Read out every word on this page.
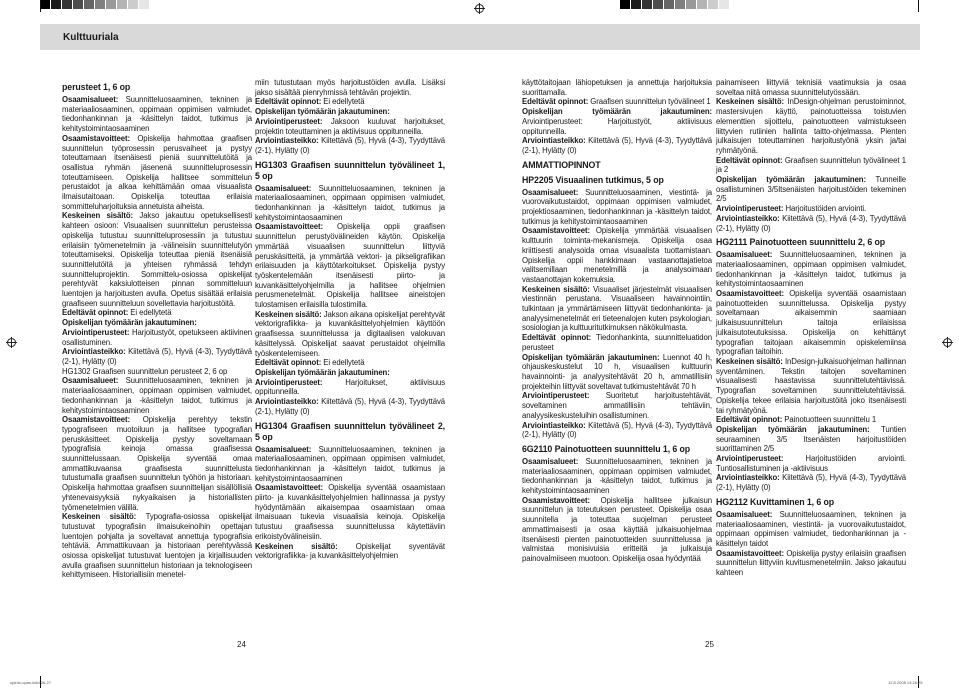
Kulttuuriala

perusteet 1, 6 op

Osaamisalueet: Suunnitteluosaaminen, tekninen ja materiaaliosaaminen, oppimaan oppimisen valmiudet, tiedonhankinnan ja -käsittelyn taidot, tutkimus ja kehitystoimintaosaaminen

Osaamistavoitteet: Opiskelija hahmottaa graafisen suunnittelun työprosessin perusvaiheet ja pystyy toteuttamaan itsenäisesti pieniä suunnittelutöitä ja osallistua ryhmän jäsenenä suunnitteluprosessin toteuttamiseen. Opiskelija hallitsee sommittelun perustaidot ja alkaa kehittämään omaa visuaalista ilmaisutaitoaan. Opiskelija toteuttaa erilaisia sommitteluharjoituksia annetuista aiheista.

Keskeinen sisältö: Jakso jakautuu opetuksellisesti kahteen osioon: Visuaalisen suunnittelun perusteissa opiskelija tutustuu suunnitteluprosessiin ja tutustuu erilaisiin työmenetelmiin ja -välineisiin suunnittelutyön toteuttamiseksi. Opiskelija toteuttaa pieniä itsenäisiä suunnittelutöitä ja yhteisen ryhmässä tehdyn suunnitteluprojektin. Sommittelu-osiossa opiskelijat perehtyvät kaksiulotteisen pinnan sommitteluun luentojen ja harjoitusten avulla. Opetus sisältää erilaisia graafiseen suunnitteluun sovellettavia harjoitustöitä.

Edeltävät opinnot: Ei edellytetä

Opiskelijan työmäärän jakautuminen:

Arviointiperusteet: Harjoitustyöt, opetukseen aktiivinen osallistuminen.

Arviointiasteikko: Kiitettävä (5), Hyvä (4-3), Tyydyttävä (2-1), Hylätty (0)

HG1302 Graafisen suunnittelun perusteet 2, 6 op

Osaamisalueet: Suunnitteluosaaminen, tekninen ja materiaaliosaaminen, oppimaan oppimisen valmiudet, tiedonhankinnan ja -käsittelyn taidot, tutkimus ja kehitystoimintaosaaminen

Osaamistavoitteet: Opiskelija perehtyy tekstin typografiseen muotoiluun ja hallitsee typografian peruskäsitteet. Opiskelija pystyy soveltamaan typografisia keinoja omassa graafisessa suunnittelussaan. Opiskelija syventää omaa ammattikuvaansa graafisesta suunnittelusta tutustumalla graafisen suunnittelun työhön ja historiaan. Opiskelija hahmottaa graafisen suunnittelijan sisällöllisiä yhtenevaisyyksiä nykyaikaisen ja historiallisten työmenetelmien välillä.

Keskeinen sisältö: Typografia-osiossa opiskelijat tutustuvat typografisiin ilmaisukeinoihin opettajan luentojen pohjalta ja soveltavat annettuja typografisia tehtäviä. Ammattikuvaan ja historiaan perehtyvässä osiossa opiskelijat tutustuvat luentojen ja kirjallisuuden avulla graafisen suunnittelun historiaan ja teknologiseen kehittymiseen. Historiallisiin menetel-

miin tutustutaan myös harjoitustöiden avulla. Lisäksi jakso sisältää pienryhmissä tehtävän projektin.

Edeltävät opinnot: Ei edellytetä

Opiskelijan työmäärän jakautuminen:

Arviointiperusteet: Jaksoon kuuluvat harjoitukset, projektin toteuttaminen ja aktiivisuus oppitunneilla.

Arviointiasteikko: Kiitettävä (5), Hyvä (4-3), Tyydyttävä (2-1), Hylätty (0)

HG1303 Graafisen suunnittelun työvälineet 1, 5 op

Osaamisalueet: Suunnitteluosaaminen, tekninen ja materiaaliosaaminen, oppimaan oppimisen valmiudet, tiedonhankinnan ja -käsittelyn taidot, tutkimus ja kehitystoimintaosaaminen

Osaamistavoitteet: Opiskelija oppii graafisen suunnittelun perustyövälineiden käytön. Opiskelija ymmärtää visuaalisen suunnittelun liittyviä peruskäsitteitä, ja ymmärtää vektori- ja pikseligrafiikan erilaisuuden ja käyttötarkoitukset. Opiskelija pystyy työskentelemään itsenäisesti piirto- ja kuvankäsittelyohjelmilla ja hallitsee ohjelmien perusmenetelmät. Opiskelija hallitsee aineistojen tulostamisen erilaisilla tulostimilla.

Keskeinen sisältö: Jakson aikana opiskelijat perehtyvät vektorigrafiikka- ja kuvankäsittelyohjelmien käyttöön graafisessa suunnittelussa ja digitaalisen valokuvan käsittelyssä. Opiskelijat saavat perustaidot ohjelmilla työskentelemiseen.

Edeltävät opinnot: Ei edellytetä

Opiskelijan työmäärän jakautuminen:

Arviointiperusteet: Harjoitukset, aktiivisuus oppitunneilla.

Arviointiasteikko: Kiitettävä (5), Hyvä (4-3), Tyydyttävä (2-1), Hylätty (0)

HG1304 Graafisen suunnittelun työvälineet 2, 5 op

Osaamisalueet: Suunnitteluosaaminen, tekninen ja materiaaliosaaminen, oppimaan oppimisen valmiudet, tiedonhankinnan ja -käsittelyn taidot, tutkimus ja kehitystoimintaosaaminen

Osaamistavoitteet: Opiskelija syventää osaamistaan piirto- ja kuvankäsittelyohjelmien hallinnassa ja pystyy hyödyntämään aikaisempaa osaamistaan omaa ilmaisuaan tukevia visuaalisia keinoja. Opiskelija tutustuu graafisessa suunnittelussa käytettäviin erikoistyövälineisiin.

Keskeinen sisältö: Opiskelijat syventävät vektorigrafiikka- ja kuvankäsittelyohjelmien

käyttötaitojaan lähiopetuksen ja annettuja harjoituksia suorittamalla.

Edeltävät opinnot: Graafisen suunnittelun työvälineet 1

Opiskelijan työmäärän jakautuminen: Arviointiperusteet: Harjoitustyöt, aktiivisuus oppitunneilla.

Arviointiasteikko: Kiitettävä (5), Hyvä (4-3), Tyydyttävä (2-1), Hylätty (0)

AMMATTIOPINNOT

HP2205 Visuaalinen tutkimus, 5 op

Osaamisalueet: Suunnitteluosaaminen, viestintä- ja vuorovaikutustaidot, oppimaan oppimisen valmiudet, projektiosaaminen, tiedonhankinnan ja -käsittelyn taidot, tutkimus ja kehitystoimintaosaaminen

Osaamistavoitteet: Opiskelija ymmärtää visuaalisen kulttuurin toiminta-mekanismeja. Opiskelija osaa kriittisesti analysoida omaa visuaalista tuottamistaan. Opiskelija oppii hankkimaan vastaanottajatietoa valitsemillaan menetelmillä ja analysoimaan vastaanottajan kokemuksia.

Keskeinen sisältö: Visuaaliset järjestelmät visuaalisen viestinnän perustana. Visuaaliseen havainnointiin, tulkintaan ja ymmärtämiseen liittyvät tiedonhankinta- ja analyysimenetelmät eri tieteenalojen kuten psykologian, sosiologian ja kulttuuritutkimuksen näkökulmasta.

Edeltävät opinnot: Tiedonhankinta, suunnitteluatidon perusteet

Opiskelijan työmäärän jakautuminen: Luennot 40 h, ohjauskeskustelut 10 h, visuaalisen kulttuurin havainnointi- ja analyysitehtävät 20 h, ammatillisiin projekteihin liittyvät soveltavat tutkimustehtävät 70 h

Arviointiperusteet: Suoritetut harjoitustehtävät, soveltaminen ammatillisiin tehtäviin, analyysikeskusteluihin osallistuminen.

Arviointiasteikko: Kiitettävä (5), Hyvä (4-3), Tyydyttävä (2-1), Hylätty (0)

6G2110 Painotuotteen suunnittelu 1, 6 op

Osaamisalueet: Suunnitteluosaaminen, tekninen ja materiaaliosaaminen, oppimaan oppimisen valmiudet, tiedonhankinnan ja -käsittelyn taidot, tutkimus ja kehitystoimintaosaaminen

Osaamistavoitteet: Opiskelija hallitsee julkaisun suunnittelun ja toteutuksen perusteet. Opiskelija osaa suunnitella ja toteuttaa suojelman perusteet ammattimaisesti ja osaa käyttää julkaisuohjelmaa itsenäisesti pienten painotuotteiden suunnittelussa ja valmistaa monisivuisia eritteitä ja julkaisuja painovalmiiseen muotoon. Opiskelija osaa hyödyntää

painamiseen liittyviä teknisiä vaatimuksia ja osaa soveltaa niitä omassa suunnittelutyössään.

Keskeinen sisältö: InDesign-ohjelman perustoiminnot, mastersivujen käyttö, painotuotteissa toistuvien elementtien sijoittelu, painotuotteen valmistukseen liittyvien rutiinien hallinta taitto-ohjelmassa. Pienten julkaisujen toteuttaminen harjoitustyönä yksin ja/tai ryhmätyönä.

Edeltävät opinnot: Graafisen suunnittelun työvälineet 1 ja 2

Opiskelijan työmäärän jakautuminen: Tunneille osallistuminen 3/5Itsenäisten harjoitustöiden tekeminen 2/5

Arviointiperusteet: Harjoitustöiden arviointi.

Arviointiasteikko: Kiitettävä (5), Hyvä (4-3), Tyydyttävä (2-1), Hylätty (0)

HG2111 Painotuotteen suunnittelu 2, 6 op

Osaamisalueet: Suunnitteluosaaminen, tekninen ja materiaaliosaaminen, oppimaan oppimisen valmiudet, tiedonhankinnan ja -käsittelyn taidot, tutkimus ja kehitystoimintaosaaminen

Osaamistavoitteet: Opiskelija syventää osaamistaan painotuotteiden suunnittelussa. Opiskelija pystyy soveltamaan aikaisemmin saamiaan julkaisusuunnittelun taitoja erilaisissa julkaisutoteutuksissa. Opiskelija on kehittänyt typografian taitojaan aikaisemmin opiskelemiinsa typografian taitoihin.

Keskeinen sisältö: InDesign-julkaisuohjelman hallinnan syventäminen. Tekstin taitojen soveltaminen visuaalisesti haastavissa suunnittelutehtävissä. Typografian soveltaminen suunnittelutehtävissä. Opiskelija tekee erilaisia harjoitustöitä joko itsenäisesti tai ryhmätyönä.

Edeltävät opinnot: Painotuotteen suunnittelu 1

Opiskelijan työmäärän jakautuminen: Tuntien seuraaminen 3/5 Itsenäisten harjoitustöiden suorittaminen 2/5

Arviointiperusteet: Harjoitustöiden arviointi. Tuntiosallistuminen ja -aktiivisuus

Arviointiasteikko: Kiitettävä (5), Hyvä (4-3), Tyydyttävä (2-1), Hylätty (0)

HG2112 Kuvittaminen 1, 6 op

Osaamisalueet: Suunnitteluosaaminen, tekninen ja materiaaliosaaminen, viestintä- ja vuorovaikutustaidot, oppimaan oppimisen valmiudet, tiedonhankinnan ja -käsittelyn taidot

Osaamistavoitteet: Opiskelija pystyy erilaisiin graafisen suunnittelun liittyviin kuvitusmenetelmiin. Jakso jakautuu kahteen

24	25
opinto-opas.indd 26-27	12.8.2008 13:26:25
